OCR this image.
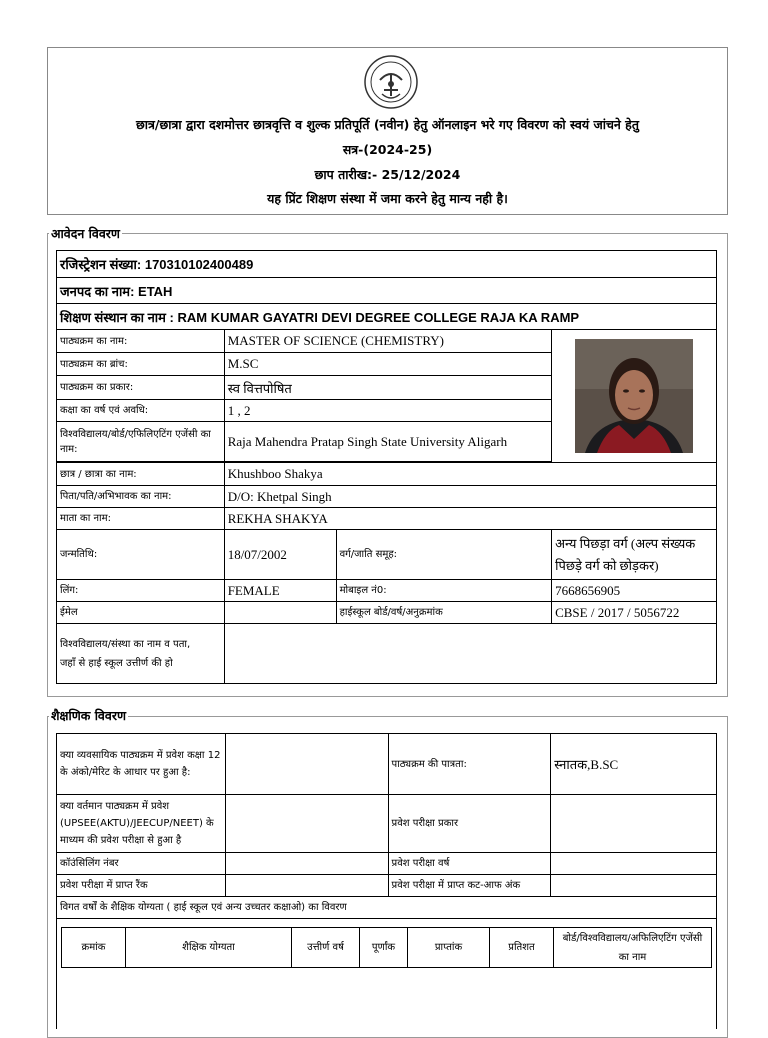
छात्र/छात्रा द्वारा दशमोत्तर छात्रवृत्ति व शुल्क प्रतिपूर्ति (नवीन) हेतु ऑनलाइन भरे गए विवरण को स्वयं जांचने हेतु
सत्र-(2024-25)
छाप तारीख:- 25/12/2024
यह प्रिंट शिक्षण संस्था में जमा करने हेतु मान्य नही है।
आवेदन विवरण
रजिस्ट्रेशन संख्या: 170310102400489			
जनपद का नाम: ETAH			
शिक्षण संस्थान का नाम : RAM KUMAR GAYATRI DEVI DEGREE COLLEGE RAJA KA RAMP			
पाठ्यक्रम का नाम:	MASTER OF SCIENCE (CHEMISTRY)	

पाठ्यक्रम का ब्रांच:	M.SC		
पाठ्यक्रम का प्रकार:	स्व वित्तपोषित		
कक्षा का वर्ष एवं अवधि:	1 , 2		
विश्वविद्यालय/बोर्ड/एफिलिएटिंग एजेंसी का नाम:	Raja Mahendra Pratap Singh State University Aligarh		

छात्र / छात्रा का नाम:	Khushboo Shakya		
पिता/पति/अभिभावक का नाम:	D/O: Khetpal Singh		
माता का नाम:	REKHA SHAKYA		
जन्मतिथि:	18/07/2002	वर्ग/जाति समूह:	अन्य पिछड़ा वर्ग (अल्प संख्यक पिछड़े वर्ग को छोड़कर)
लिंग:	FEMALE	मोबाइल नं0:	7668656905
ईमेल		हाईस्कूल बोर्ड/वर्ष/अनुक्रमांक	CBSE / 2017 / 5056722
विश्वविद्यालय/संस्था का नाम व पता,
जहाँ से हाई स्कूल उत्तीर्ण की हो			
शैक्षणिक विवरण
क्या व्यवसायिक पाठ्यक्रम में प्रवेश कक्षा 12 के अंको/मेरिट के आधार पर हुआ है:		पाठ्यक्रम की पात्रता:	स्नातक,B.SC
क्या वर्तमान पाठ्यक्रम में प्रवेश (UPSEE(AKTU)/JEECUP/NEET) के माध्यम की प्रवेश परीक्षा से हुआ है		प्रवेश परीक्षा प्रकार	
कॉउंसिलिंग नंबर		प्रवेश परीक्षा वर्ष	
प्रवेश परीक्षा में प्राप्त रैंक		प्रवेश परीक्षा में प्राप्त कट-आफ अंक	
विगत वर्षों के शैक्षिक योग्यता ( हाई स्कूल एवं अन्य उच्चतर कक्षाओ) का विवरण

क्रमांक	शैक्षिक योग्यता	उत्तीर्ण वर्ष	पूर्णांक	प्राप्तांक	प्रतिशत	बोर्ड/विश्वविद्यालय/अफिलिएटिंग एजेंसी का नाम
